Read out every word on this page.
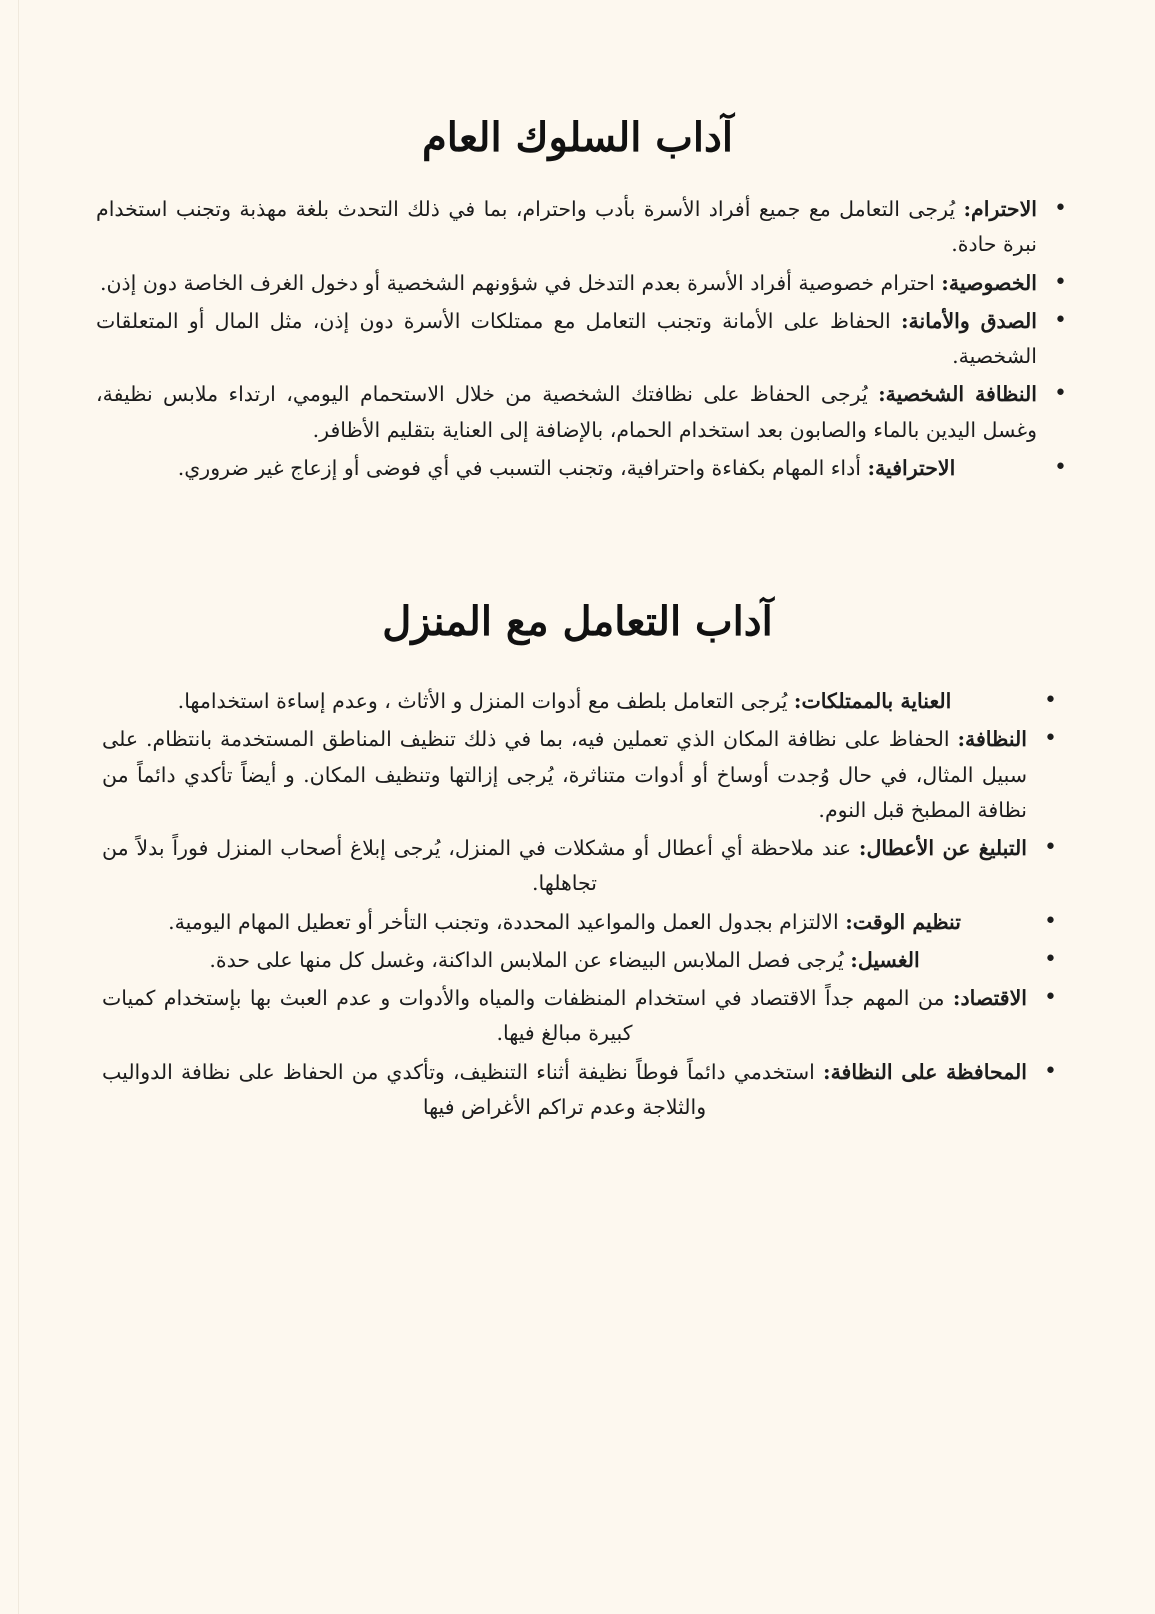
آداب السلوك العام
• الاحترام: يُرجى التعامل مع جميع أفراد الأسرة بأدب واحترام، بما في ذلك التحدث بلغة مهذبة وتجنب استخدام نبرة حادة.
• الخصوصية: احترام خصوصية أفراد الأسرة بعدم التدخل في شؤونهم الشخصية أو دخول الغرف الخاصة دون إذن.
• الصدق والأمانة: الحفاظ على الأمانة وتجنب التعامل مع ممتلكات الأسرة دون إذن، مثل المال أو المتعلقات الشخصية.
• النظافة الشخصية: يُرجى الحفاظ على نظافتك الشخصية من خلال الاستحمام اليومي، ارتداء ملابس نظيفة، وغسل اليدين بالماء والصابون بعد استخدام الحمام، بالإضافة إلى العناية بتقليم الأظافر.
• الاحترافية: أداء المهام بكفاءة واحترافية، وتجنب التسبب في أي فوضى أو إزعاج غير ضروري.
آداب التعامل مع المنزل
• العناية بالممتلكات: يُرجى التعامل بلطف مع أدوات المنزل و الأثاث ، وعدم إساءة استخدامها.
• النظافة: الحفاظ على نظافة المكان الذي تعملين فيه، بما في ذلك تنظيف المناطق المستخدمة بانتظام. على سبيل المثال، في حال وُجدت أوساخ أو أدوات متناثرة، يُرجى إزالتها وتنظيف المكان. و أيضاً تأكدي دائماً من نظافة المطبخ قبل النوم.
• التبليغ عن الأعطال: عند ملاحظة أي أعطال أو مشكلات في المنزل، يُرجى إبلاغ أصحاب المنزل فوراً بدلاً من تجاهلها.
• تنظيم الوقت: الالتزام بجدول العمل والمواعيد المحددة، وتجنب التأخر أو تعطيل المهام اليومية.
• الغسيل: يُرجى فصل الملابس البيضاء عن الملابس الداكنة، وغسل كل منها على حدة.
• الاقتصاد: من المهم جداً الاقتصاد في استخدام المنظفات والمياه والأدوات و عدم العبث بها بإستخدام كميات كبيرة مبالغ فيها.
• المحافظة على النظافة: استخدمي دائماً فوطاً نظيفة أثناء التنظيف، وتأكدي من الحفاظ على نظافة الدواليب والثلاجة وعدم تراكم الأغراض فيها
